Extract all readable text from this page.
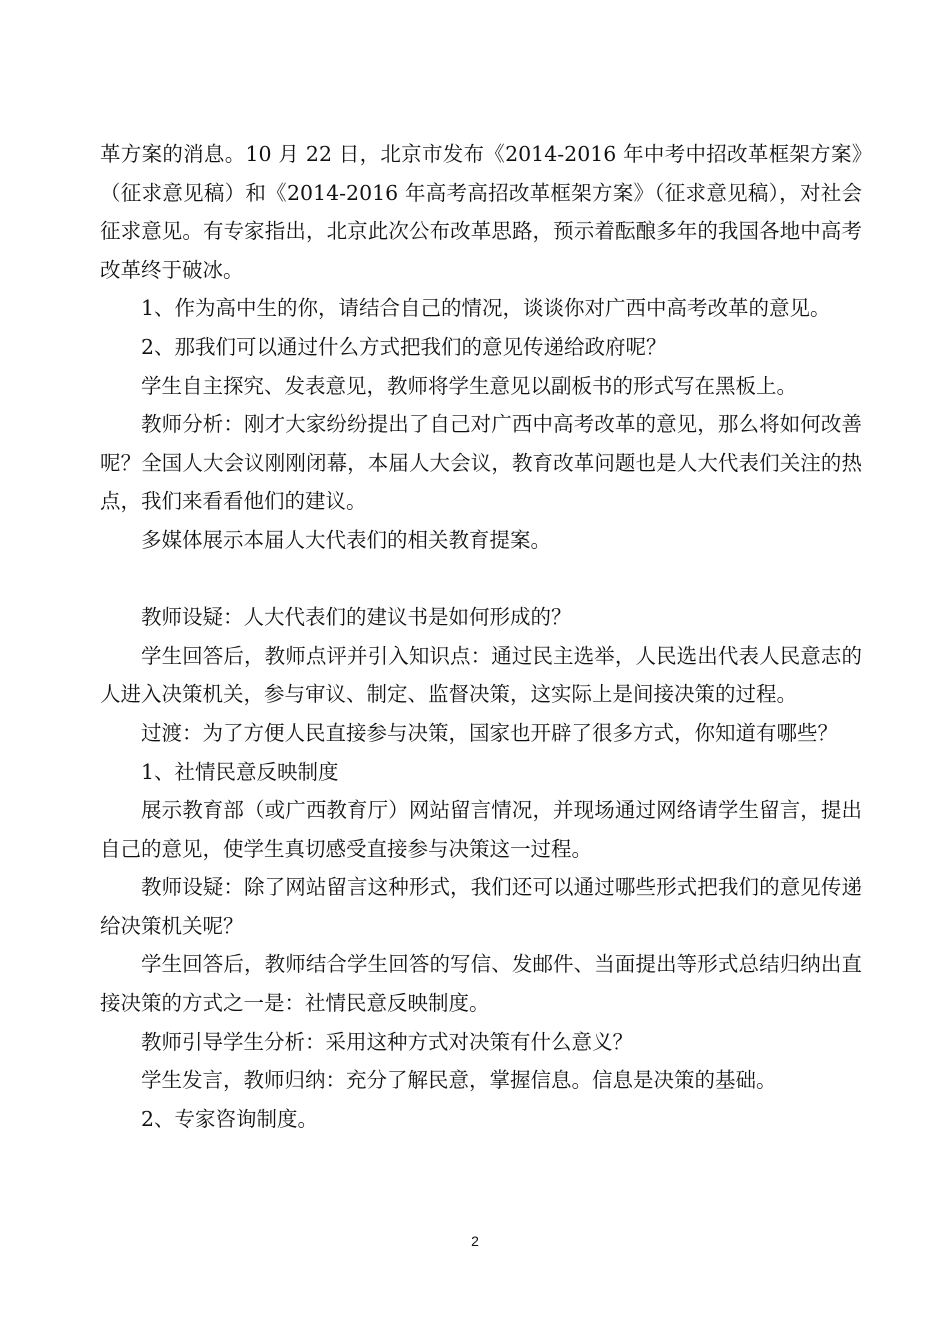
革方案的消息。10 月 22 日，北京市发布《2014-2016 年中考中招改革框架方案》（征求意见稿）和《2014-2016 年高考高招改革框架方案》（征求意见稿），对社会征求意见。有专家指出，北京此次公布改革思路，预示着酝酿多年的我国各地中高考改革终于破冰。

1、作为高中生的你，请结合自己的情况，谈谈你对广西中高考改革的意见。

2、那我们可以通过什么方式把我们的意见传递给政府呢？

学生自主探究、发表意见，教师将学生意见以副板书的形式写在黑板上。

教师分析：刚才大家纷纷提出了自己对广西中高考改革的意见，那么将如何改善呢？全国人大会议刚刚闭幕，本届人大会议，教育改革问题也是人大代表们关注的热点，我们来看看他们的建议。

多媒体展示本届人大代表们的相关教育提案。

教师设疑：人大代表们的建议书是如何形成的？

学生回答后，教师点评并引入知识点：通过民主选举，人民选出代表人民意志的人进入决策机关，参与审议、制定、监督决策，这实际上是间接决策的过程。

过渡：为了方便人民直接参与决策，国家也开辟了很多方式，你知道有哪些？

1、社情民意反映制度

展示教育部（或广西教育厅）网站留言情况，并现场通过网络请学生留言，提出自己的意见，使学生真切感受直接参与决策这一过程。

教师设疑：除了网站留言这种形式，我们还可以通过哪些形式把我们的意见传递给决策机关呢？

学生回答后，教师结合学生回答的写信、发邮件、当面提出等形式总结归纳出直接决策的方式之一是：社情民意反映制度。

教师引导学生分析：采用这种方式对决策有什么意义？

学生发言，教师归纳：充分了解民意，掌握信息。信息是决策的基础。

2、专家咨询制度。

2
